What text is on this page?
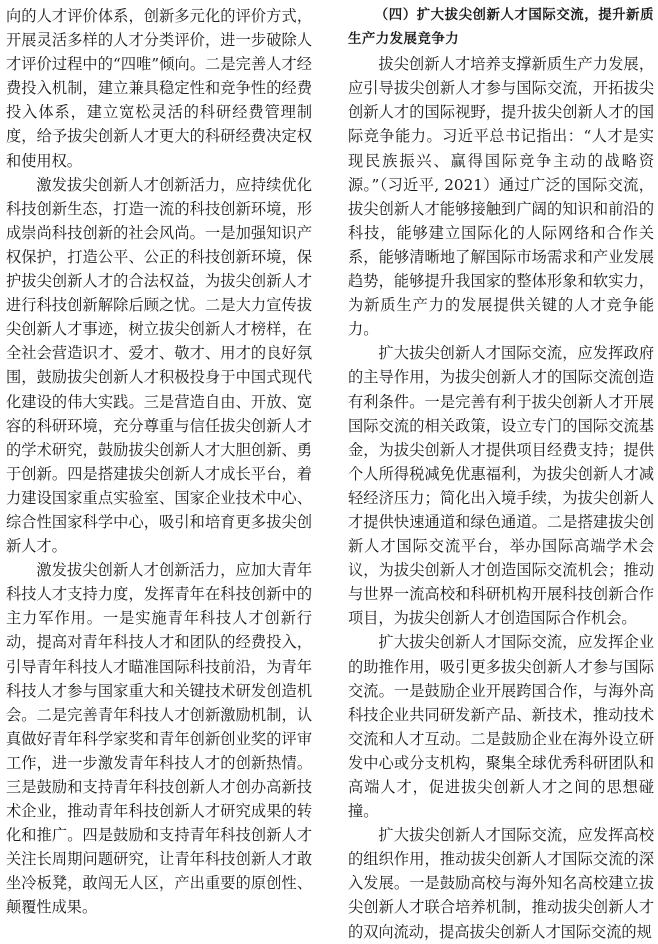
向的人才评价体系，创新多元化的评价方式，开展灵活多样的人才分类评价，进一步破除人才评价过程中的“四唯”倾向。二是完善人才经费投入机制，建立兼具稳定性和竞争性的经费投入体系，建立宽松灵活的科研经费管理制度，给予拔尖创新人才更大的科研经费决定权和使用权。

激发拔尖创新人才创新活力，应持续优化科技创新生态，打造一流的科技创新环境，形成崇尚科技创新的社会风尚。一是加强知识产权保护，打造公平、公正的科技创新环境，保护拔尖创新人才的合法权益，为拔尖创新人才进行科技创新解除后顾之忧。二是大力宣传拔尖创新人才事迹，树立拔尖创新人才榜样，在全社会营造识才、爱才、敬才、用才的良好氛围，鼓励拔尖创新人才积极投身于中国式现代化建设的伟大实践。三是营造自由、开放、宽容的科研环境，充分尊重与信任拔尖创新人才的学术研究，鼓励拔尖创新人才大胆创新、勇于创新。四是搭建拔尖创新人才成长平台，着力建设国家重点实验室、国家企业技术中心、综合性国家科学中心，吸引和培育更多拔尖创新人才。

激发拔尖创新人才创新活力，应加大青年科技人才支持力度，发挥青年在科技创新中的主力军作用。一是实施青年科技人才创新行动，提高对青年科技人才和团队的经费投入，引导青年科技人才瞄准国际科技前沿，为青年科技人才参与国家重大和关键技术研发创造机会。二是完善青年科技人才创新激励机制，认真做好青年科学家奖和青年创新创业奖的评审工作，进一步激发青年科技人才的创新热情。三是鼓励和支持青年科技创新人才创办高新技术企业，推动青年科技创新人才研究成果的转化和推广。四是鼓励和支持青年科技创新人才关注长周期问题研究，让青年科技创新人才敢坐冷板凳，敢闯无人区，产出重要的原创性、颠覆性成果。

（四）扩大拔尖创新人才国际交流，提升新质生产力发展竞争力

拔尖创新人才培养支撑新质生产力发展，应引导拔尖创新人才参与国际交流，开拓拔尖创新人才的国际视野，提升拔尖创新人才的国际竞争能力。习近平总书记指出：“人才是实现民族振兴、赢得国际竞争主动的战略资源。”（习近平, 2021）通过广泛的国际交流，拔尖创新人才能够接触到广阔的知识和前沿的科技，能够建立国际化的人际网络和合作关系，能够清晰地了解国际市场需求和产业发展趋势，能够提升我国家的整体形象和软实力，为新质生产力的发展提供关键的人才竞争能力。

扩大拔尖创新人才国际交流，应发挥政府的主导作用，为拔尖创新人才的国际交流创造有利条件。一是完善有利于拔尖创新人才开展国际交流的相关政策，设立专门的国际交流基金，为拔尖创新人才提供项目经费支持；提供个人所得税减免优惠福利，为拔尖创新人才减轻经济压力；简化出入境手续，为拔尖创新人才提供快速通道和绿色通道。二是搭建拔尖创新人才国际交流平台，举办国际高端学术会议，为拔尖创新人才创造国际交流机会；推动与世界一流高校和科研机构开展科技创新合作项目，为拔尖创新人才创造国际合作机会。

扩大拔尖创新人才国际交流，应发挥企业的助推作用，吸引更多拔尖创新人才参与国际交流。一是鼓励企业开展跨国合作，与海外高科技企业共同研发新产品、新技术，推动技术交流和人才互动。二是鼓励企业在海外设立研发中心或分支机构，聚集全球优秀科研团队和高端人才，促进拔尖创新人才之间的思想碰撞。

扩大拔尖创新人才国际交流，应发挥高校的组织作用，推动拔尖创新人才国际交流的深入发展。一是鼓励高校与海外知名高校建立拔尖创新人才联合培养机制，推动拔尖创新人才的双向流动，提高拔尖创新人才国际交流的规
